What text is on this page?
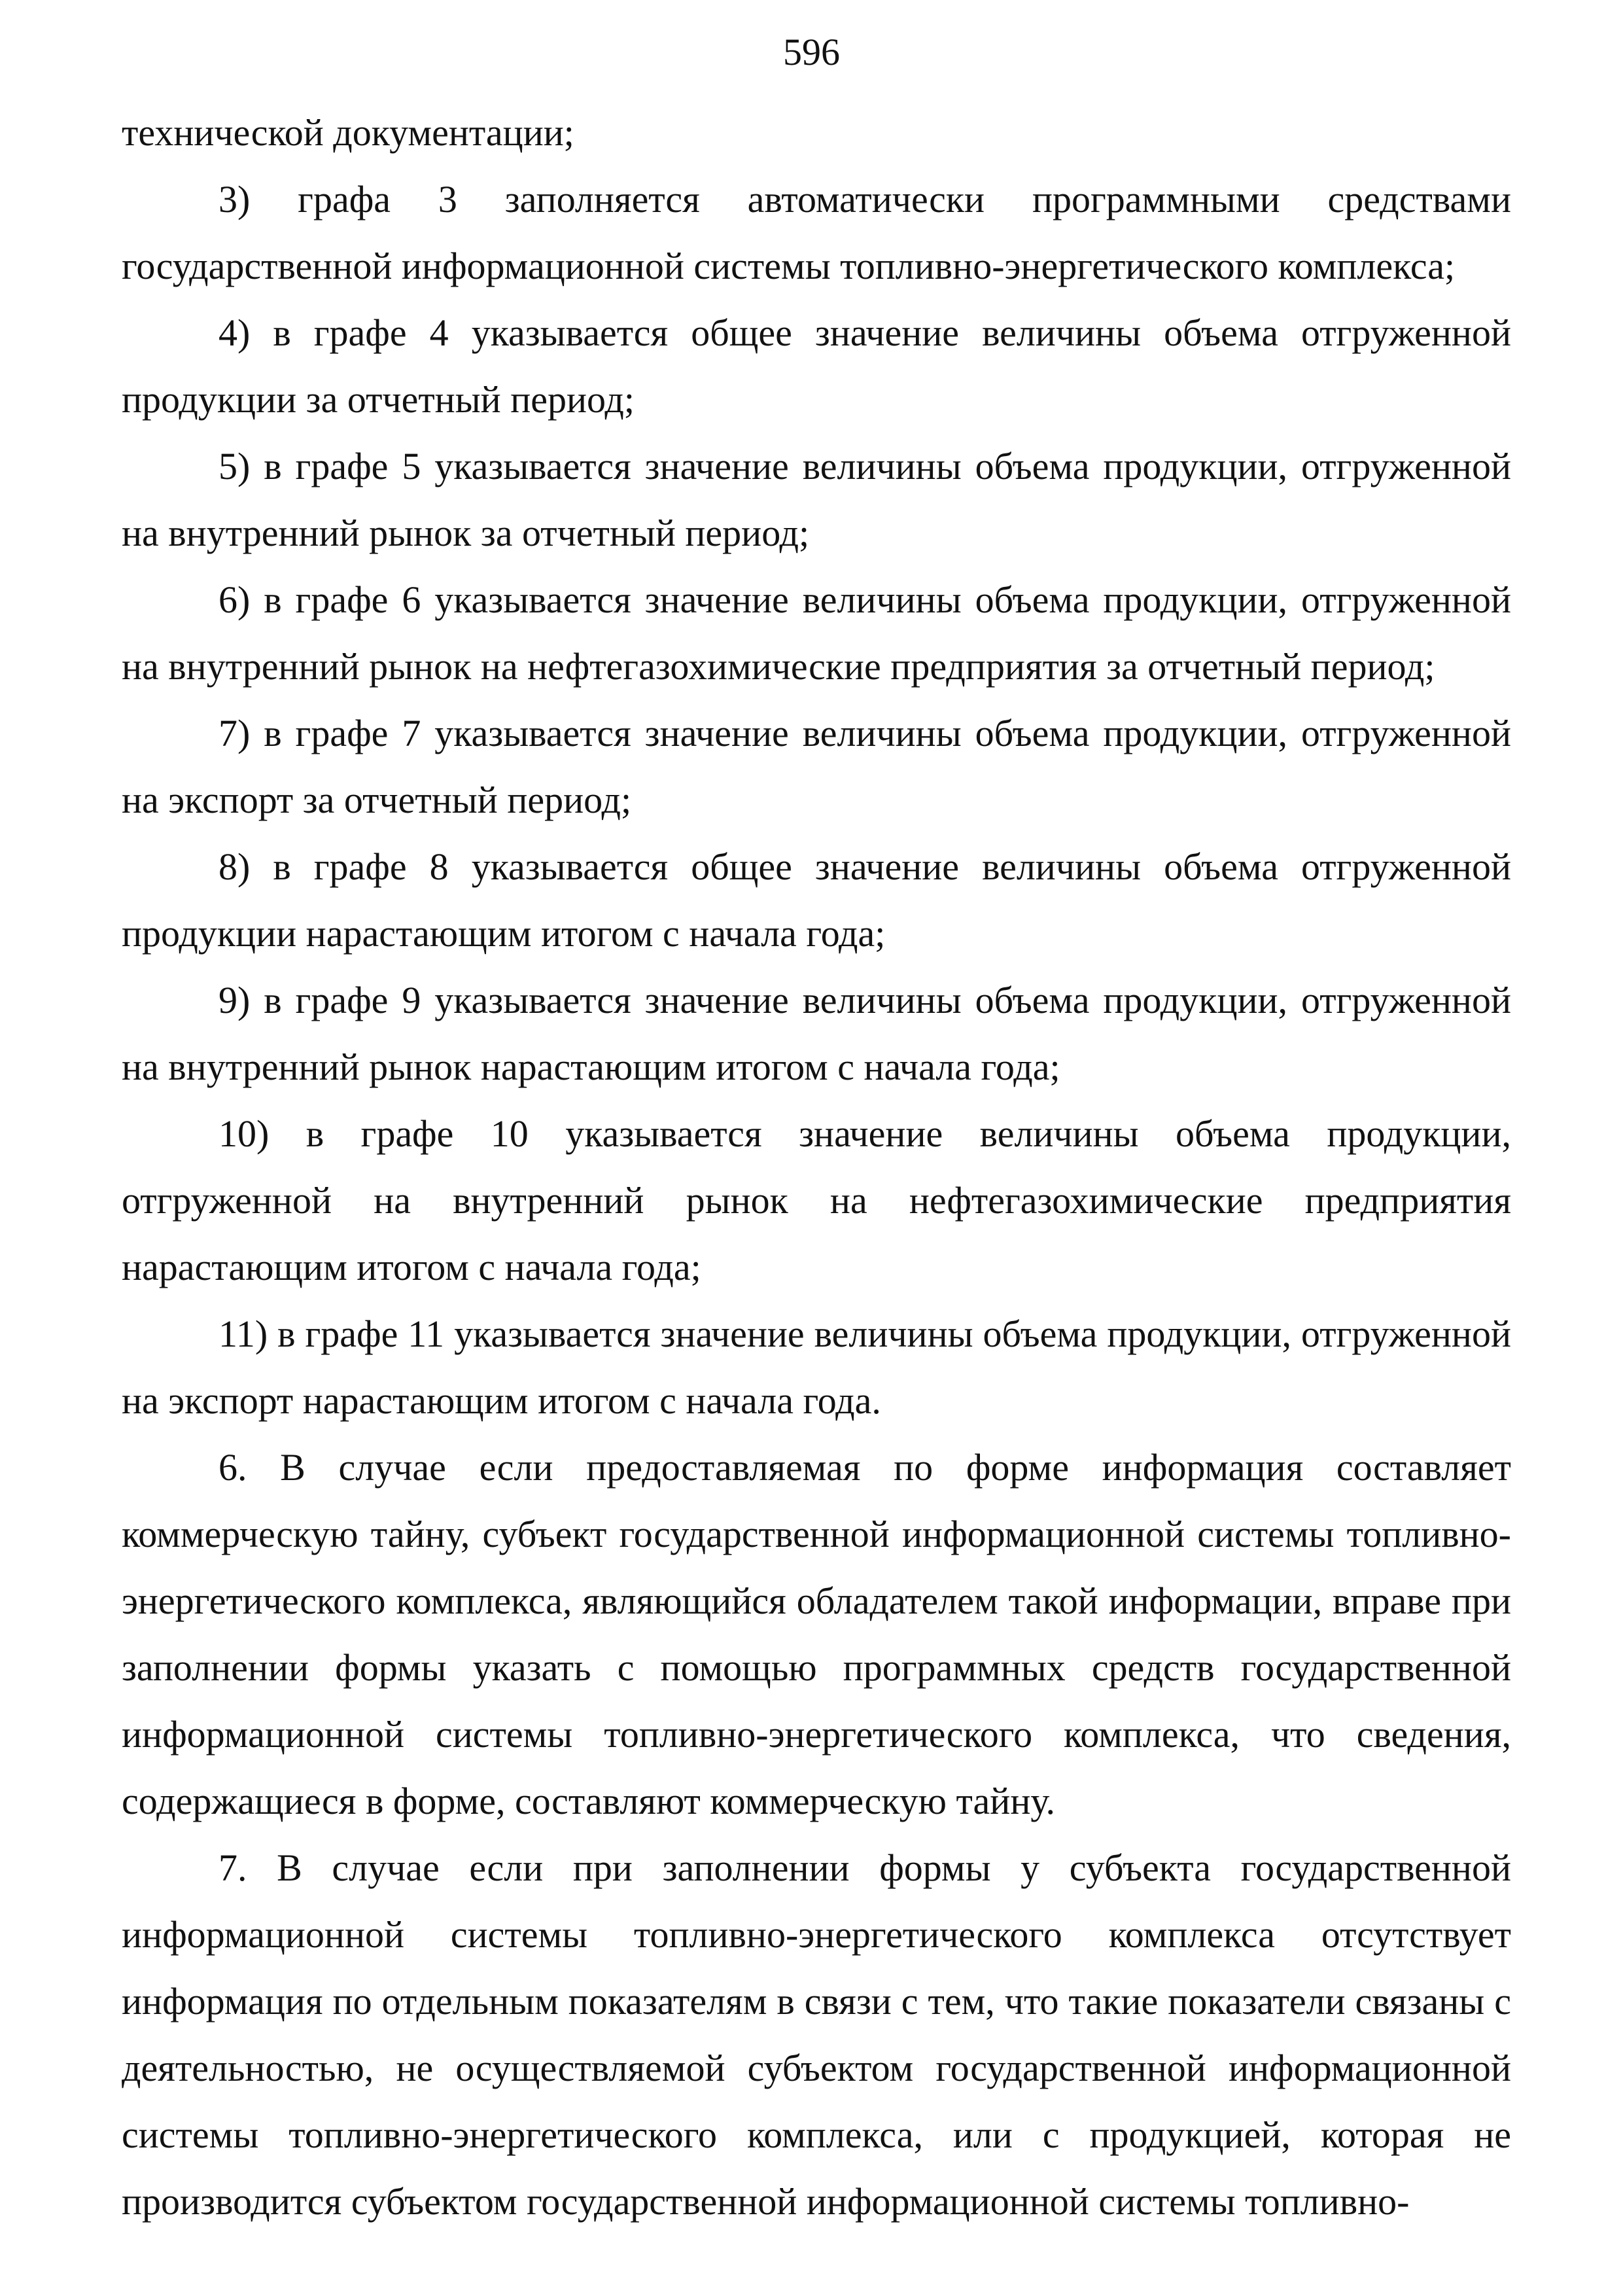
596

технической документации;

3) графа 3 заполняется автоматически программными средствами государственной информационной системы топливно-энергетического комплекса;

4) в графе 4 указывается общее значение величины объема отгруженной продукции за отчетный период;

5) в графе 5 указывается значение величины объема продукции, отгруженной на внутренний рынок за отчетный период;

6) в графе 6 указывается значение величины объема продукции, отгруженной на внутренний рынок на нефтегазохимические предприятия за отчетный период;

7) в графе 7 указывается значение величины объема продукции, отгруженной на экспорт за отчетный период;

8) в графе 8 указывается общее значение величины объема отгруженной продукции нарастающим итогом с начала года;

9) в графе 9 указывается значение величины объема продукции, отгруженной на внутренний рынок нарастающим итогом с начала года;

10) в графе 10 указывается значение величины объема продукции, отгруженной на внутренний рынок на нефтегазохимические предприятия нарастающим итогом с начала года;

11) в графе 11 указывается значение величины объема продукции, отгруженной на экспорт нарастающим итогом с начала года.

6. В случае если предоставляемая по форме информация составляет коммерческую тайну, субъект государственной информационной системы топливно-энергетического комплекса, являющийся обладателем такой информации, вправе при заполнении формы указать с помощью программных средств государственной информационной системы топливно-энергетического комплекса, что сведения, содержащиеся в форме, составляют коммерческую тайну.

7. В случае если при заполнении формы у субъекта государственной информационной системы топливно-энергетического комплекса отсутствует информация по отдельным показателям в связи с тем, что такие показатели связаны с деятельностью, не осуществляемой субъектом государственной информационной системы топливно-энергетического комплекса, или с продукцией, которая не производится субъектом государственной информационной системы топливно-
